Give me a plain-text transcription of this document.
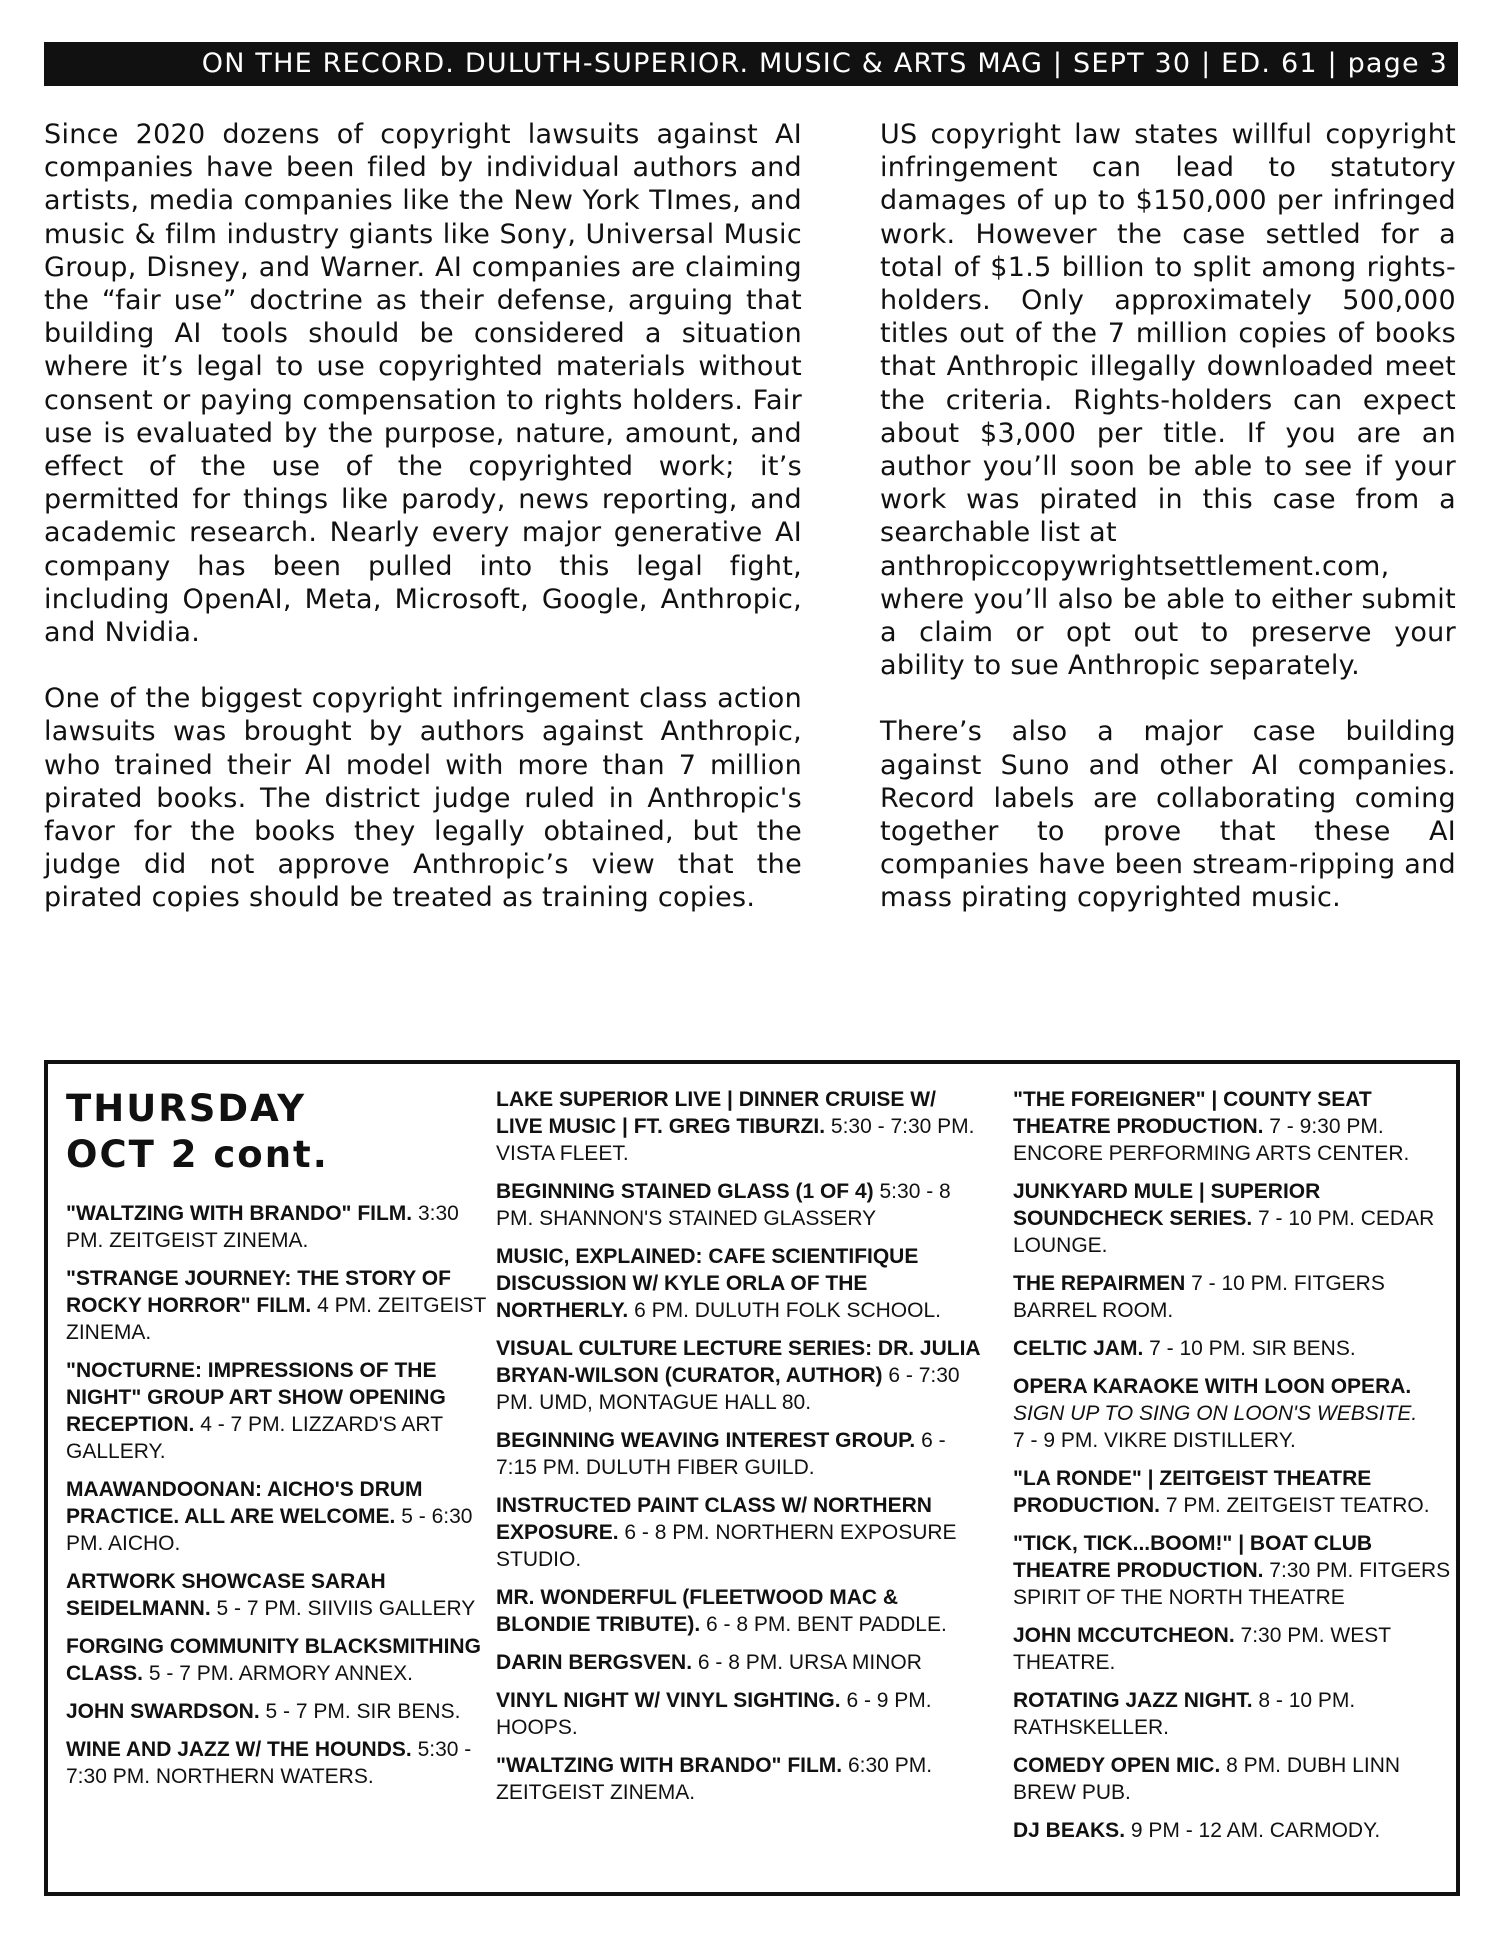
ON THE RECORD. DULUTH-SUPERIOR. MUSIC & ARTS MAG | SEPT 30 | ED. 61 | page 3

Since 2020 dozens of copyright lawsuits against AI companies have been filed by individual authors and artists, media companies like the New York TImes, and music & film industry giants like Sony, Universal Music Group, Disney, and Warner. AI companies are claiming the “fair use” doctrine as their defense, arguing that building AI tools should be considered a situation where it’s legal to use copyrighted materials without consent or paying compensation to rights holders. Fair use is evaluated by the purpose, nature, amount, and effect of the use of the copyrighted work; it’s permitted for things like parody, news reporting, and academic research. Nearly every major generative AI company has been pulled into this legal fight, including OpenAI, Meta, Microsoft, Google, Anthropic, and Nvidia.

One of the biggest copyright infringement class action lawsuits was brought by authors against Anthropic, who trained their AI model with more than 7 million pirated books. The district judge ruled in Anthropic's favor for the books they legally obtained, but the judge did not approve Anthropic’s view that the pirated copies should be treated as training copies.

US copyright law states willful copyright infringement can lead to statutory damages of up to $150,000 per infringed work. However the case settled for a total of $1.5 billion to split among rights-holders. Only approximately 500,000 titles out of the 7 million copies of books that Anthropic illegally downloaded meet the criteria. Rights-holders can expect about $3,000 per title. If you are an author you’ll soon be able to see if your work was pirated in this case from a searchable list at
anthropiccopywrightsettlement.com,
where you’ll also be able to either submit a claim or opt out to preserve your ability to sue Anthropic separately.

There’s also a major case building against Suno and other AI companies. Record labels are collaborating coming together to prove that these AI companies have been stream-ripping and mass pirating copyrighted music.

THURSDAY
OCT 2 cont.
"WALTZING WITH BRANDO" FILM. 3:30 PM. ZEITGEIST ZINEMA.
"STRANGE JOURNEY: THE STORY OF ROCKY HORROR" FILM. 4 PM. ZEITGEIST ZINEMA.
"NOCTURNE: IMPRESSIONS OF THE NIGHT" GROUP ART SHOW OPENING RECEPTION. 4 - 7 PM. LIZZARD'S ART GALLERY.
MAAWANDOONAN: AICHO'S DRUM PRACTICE. ALL ARE WELCOME. 5 - 6:30 PM. AICHO.
ARTWORK SHOWCASE SARAH SEIDELMANN. 5 - 7 PM. SIIVIIS GALLERY
FORGING COMMUNITY BLACKSMITHING CLASS. 5 - 7 PM. ARMORY ANNEX.
JOHN SWARDSON. 5 - 7 PM. SIR BENS.
WINE AND JAZZ W/ THE HOUNDS. 5:30 - 7:30 PM. NORTHERN WATERS.
LAKE SUPERIOR LIVE | DINNER CRUISE W/ LIVE MUSIC | FT. GREG TIBURZI. 5:30 - 7:30 PM. VISTA FLEET.
BEGINNING STAINED GLASS (1 OF 4) 5:30 - 8 PM. SHANNON'S STAINED GLASSERY
MUSIC, EXPLAINED: CAFE SCIENTIFIQUE DISCUSSION W/ KYLE ORLA OF THE NORTHERLY. 6 PM. DULUTH FOLK SCHOOL.
VISUAL CULTURE LECTURE SERIES: DR. JULIA BRYAN-WILSON (CURATOR, AUTHOR) 6 - 7:30 PM. UMD, MONTAGUE HALL 80.
BEGINNING WEAVING INTEREST GROUP. 6 - 7:15 PM. DULUTH FIBER GUILD.
INSTRUCTED PAINT CLASS W/ NORTHERN EXPOSURE. 6 - 8 PM. NORTHERN EXPOSURE STUDIO.
MR. WONDERFUL (FLEETWOOD MAC & BLONDIE TRIBUTE). 6 - 8 PM. BENT PADDLE.
DARIN BERGSVEN. 6 - 8 PM. URSA MINOR
VINYL NIGHT W/ VINYL SIGHTING. 6 - 9 PM. HOOPS.
"WALTZING WITH BRANDO" FILM. 6:30 PM. ZEITGEIST ZINEMA.
"THE FOREIGNER" | COUNTY SEAT THEATRE PRODUCTION. 7 - 9:30 PM. ENCORE PERFORMING ARTS CENTER.
JUNKYARD MULE | SUPERIOR SOUNDCHECK SERIES. 7 - 10 PM. CEDAR LOUNGE.
THE REPAIRMEN 7 - 10 PM. FITGERS BARREL ROOM.
CELTIC JAM. 7 - 10 PM. SIR BENS.
OPERA KARAOKE WITH LOON OPERA.
SIGN UP TO SING ON LOON'S WEBSITE.
7 - 9 PM. VIKRE DISTILLERY.
"LA RONDE" | ZEITGEIST THEATRE PRODUCTION. 7 PM. ZEITGEIST TEATRO.
"TICK, TICK...BOOM!" | BOAT CLUB THEATRE PRODUCTION. 7:30 PM. FITGERS SPIRIT OF THE NORTH THEATRE
JOHN MCCUTCHEON. 7:30 PM. WEST THEATRE.
ROTATING JAZZ NIGHT. 8 - 10 PM. RATHSKELLER.
COMEDY OPEN MIC. 8 PM. DUBH LINN BREW PUB.
DJ BEAKS. 9 PM - 12 AM. CARMODY.
